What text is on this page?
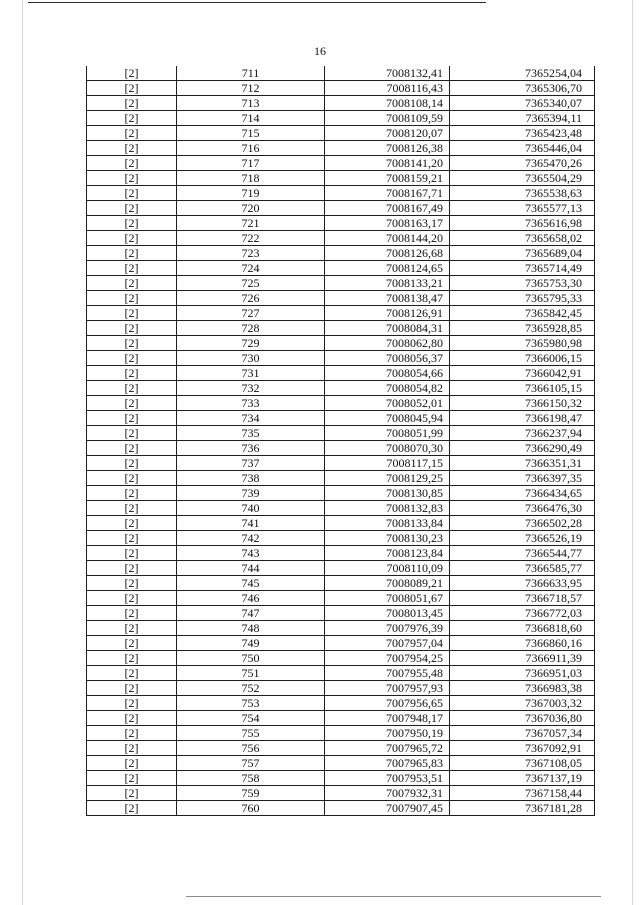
16
[2]	711	7008132,41	7365254,04
[2]	712	7008116,43	7365306,70
[2]	713	7008108,14	7365340,07
[2]	714	7008109,59	7365394,11
[2]	715	7008120,07	7365423,48
[2]	716	7008126,38	7365446,04
[2]	717	7008141,20	7365470,26
[2]	718	7008159,21	7365504,29
[2]	719	7008167,71	7365538,63
[2]	720	7008167,49	7365577,13
[2]	721	7008163,17	7365616,98
[2]	722	7008144,20	7365658,02
[2]	723	7008126,68	7365689,04
[2]	724	7008124,65	7365714,49
[2]	725	7008133,21	7365753,30
[2]	726	7008138,47	7365795,33
[2]	727	7008126,91	7365842,45
[2]	728	7008084,31	7365928,85
[2]	729	7008062,80	7365980,98
[2]	730	7008056,37	7366006,15
[2]	731	7008054,66	7366042,91
[2]	732	7008054,82	7366105,15
[2]	733	7008052,01	7366150,32
[2]	734	7008045,94	7366198,47
[2]	735	7008051,99	7366237,94
[2]	736	7008070,30	7366290,49
[2]	737	7008117,15	7366351,31
[2]	738	7008129,25	7366397,35
[2]	739	7008130,85	7366434,65
[2]	740	7008132,83	7366476,30
[2]	741	7008133,84	7366502,28
[2]	742	7008130,23	7366526,19
[2]	743	7008123,84	7366544,77
[2]	744	7008110,09	7366585,77
[2]	745	7008089,21	7366633,95
[2]	746	7008051,67	7366718,57
[2]	747	7008013,45	7366772,03
[2]	748	7007976,39	7366818,60
[2]	749	7007957,04	7366860,16
[2]	750	7007954,25	7366911,39
[2]	751	7007955,48	7366951,03
[2]	752	7007957,93	7366983,38
[2]	753	7007956,65	7367003,32
[2]	754	7007948,17	7367036,80
[2]	755	7007950,19	7367057,34
[2]	756	7007965,72	7367092,91
[2]	757	7007965,83	7367108,05
[2]	758	7007953,51	7367137,19
[2]	759	7007932,31	7367158,44
[2]	760	7007907,45	7367181,28
